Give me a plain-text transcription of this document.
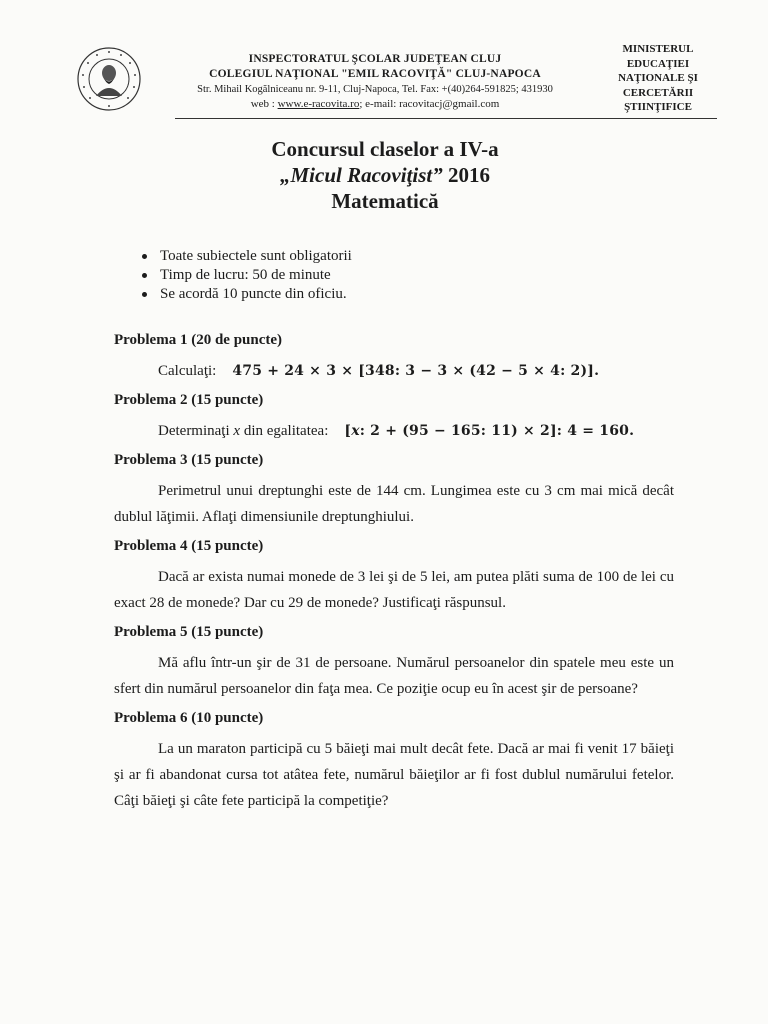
INSPECTORATUL ŞCOLAR JUDEŢEAN CLUJ
COLEGIUL NAŢIONAL "EMIL RACOVIŢĂ" CLUJ-NAPOCA
Str. Mihail Kogălniceanu nr. 9-11, Cluj-Napoca, Tel. Fax: +(40)264-591825; 431930
web : www.e-racovita.ro; e-mail: racovitacj@gmail.com
MINISTERUL
EDUCAŢIEI
NAŢIONALE ŞI
CERCETĂRII
ŞTIINŢIFICE
Concursul claselor a IV-a
„Micul Racoviţist” 2016
Matematică
Toate subiectele sunt obligatorii
Timp de lucru: 50 de minute
Se acordă 10 puncte din oficiu.
Problema 1 (20 de puncte)
Calculaţi: 475 + 24 × 3 × [348: 3 − 3 × (42 − 5 × 4: 2)].
Problema 2 (15 puncte)
Determinaţi x din egalitatea: [x: 2 + (95 − 165: 11) × 2]: 4 = 160.
Problema 3 (15 puncte)
Perimetrul unui dreptunghi este de 144 cm. Lungimea este cu 3 cm mai mică decât dublul lăţimii. Aflaţi dimensiunile dreptunghiului.
Problema 4 (15 puncte)
Dacă ar exista numai monede de 3 lei şi de 5 lei, am putea plăti suma de 100 de lei cu exact 28 de monede? Dar cu 29 de monede? Justificaţi răspunsul.
Problema 5 (15 puncte)
Mă aflu într-un şir de 31 de persoane. Numărul persoanelor din spatele meu este un sfert din numărul persoanelor din faţa mea. Ce poziţie ocup eu în acest şir de persoane?
Problema 6 (10 puncte)
La un maraton participă cu 5 băieţi mai mult decât fete. Dacă ar mai fi venit 17 băieţi şi ar fi abandonat cursa tot atâtea fete, numărul băieţilor ar fi fost dublul numărului fetelor. Câţi băieţi şi câte fete participă la competiţie?
